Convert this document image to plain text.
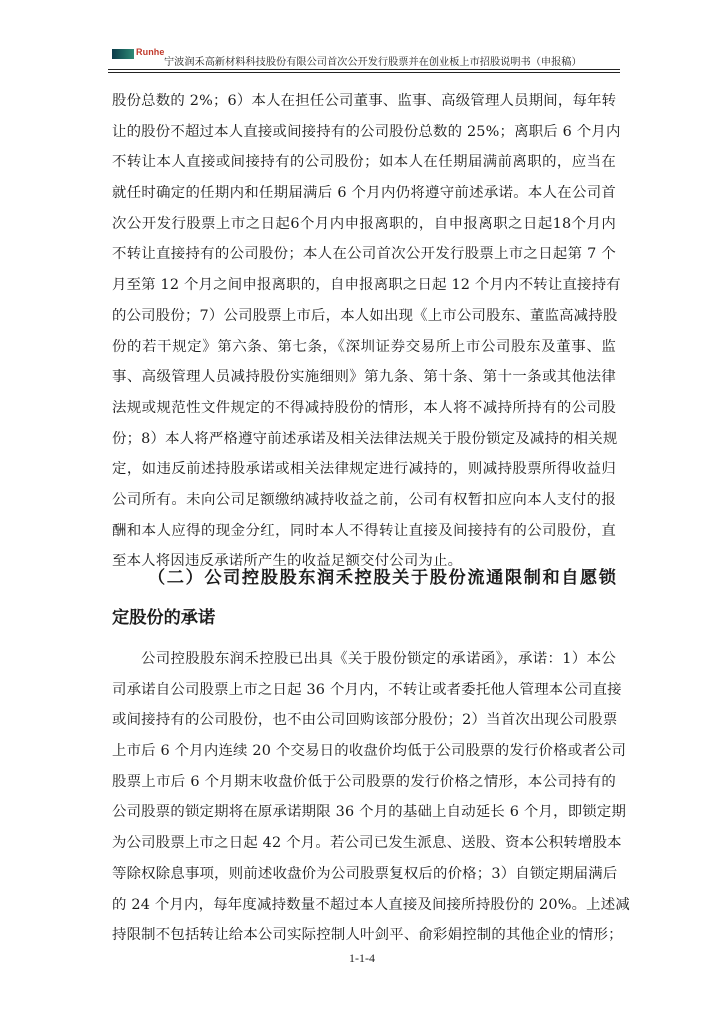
Runhe
宁波润禾高新材料科技股份有限公司首次公开发行股票并在创业板上市招股说明书（申报稿）
股份总数的 2%；6）本人在担任公司董事、监事、高级管理人员期间，每年转
让的股份不超过本人直接或间接持有的公司股份总数的 25%；离职后 6 个月内
不转让本人直接或间接持有的公司股份；如本人在任期届满前离职的，应当在
就任时确定的任期内和任期届满后 6 个月内仍将遵守前述承诺。本人在公司首
次公开发行股票上市之日起6个月内申报离职的，自申报离职之日起18个月内
不转让直接持有的公司股份；本人在公司首次公开发行股票上市之日起第 7 个
月至第 12 个月之间申报离职的，自申报离职之日起 12 个月内不转让直接持有
的公司股份；7）公司股票上市后，本人如出现《上市公司股东、董监高减持股
份的若干规定》第六条、第七条，《深圳证券交易所上市公司股东及董事、监
事、高级管理人员减持股份实施细则》第九条、第十条、第十一条或其他法律
法规或规范性文件规定的不得减持股份的情形，本人将不减持所持有的公司股
份；8）本人将严格遵守前述承诺及相关法律法规关于股份锁定及减持的相关规
定，如违反前述持股承诺或相关法律规定进行减持的，则减持股票所得收益归
公司所有。未向公司足额缴纳减持收益之前，公司有权暂扣应向本人支付的报
酬和本人应得的现金分红，同时本人不得转让直接及间接持有的公司股份，直
至本人将因违反承诺所产生的收益足额交付公司为止。
（二）公司控股股东润禾控股关于股份流通限制和自愿锁
定股份的承诺
公司控股股东润禾控股已出具《关于股份锁定的承诺函》，承诺：1）本公
司承诺自公司股票上市之日起 36 个月内，不转让或者委托他人管理本公司直接
或间接持有的公司股份，也不由公司回购该部分股份；2）当首次出现公司股票
上市后 6 个月内连续 20 个交易日的收盘价均低于公司股票的发行价格或者公司
股票上市后 6 个月期末收盘价低于公司股票的发行价格之情形，本公司持有的
公司股票的锁定期将在原承诺期限 36 个月的基础上自动延长 6 个月，即锁定期
为公司股票上市之日起 42 个月。若公司已发生派息、送股、资本公积转增股本
等除权除息事项，则前述收盘价为公司股票复权后的价格；3）自锁定期届满后
的 24 个月内，每年度减持数量不超过本人直接及间接所持股份的 20%。上述减
持限制不包括转让给本公司实际控制人叶剑平、俞彩娟控制的其他企业的情形；
1-1-4
